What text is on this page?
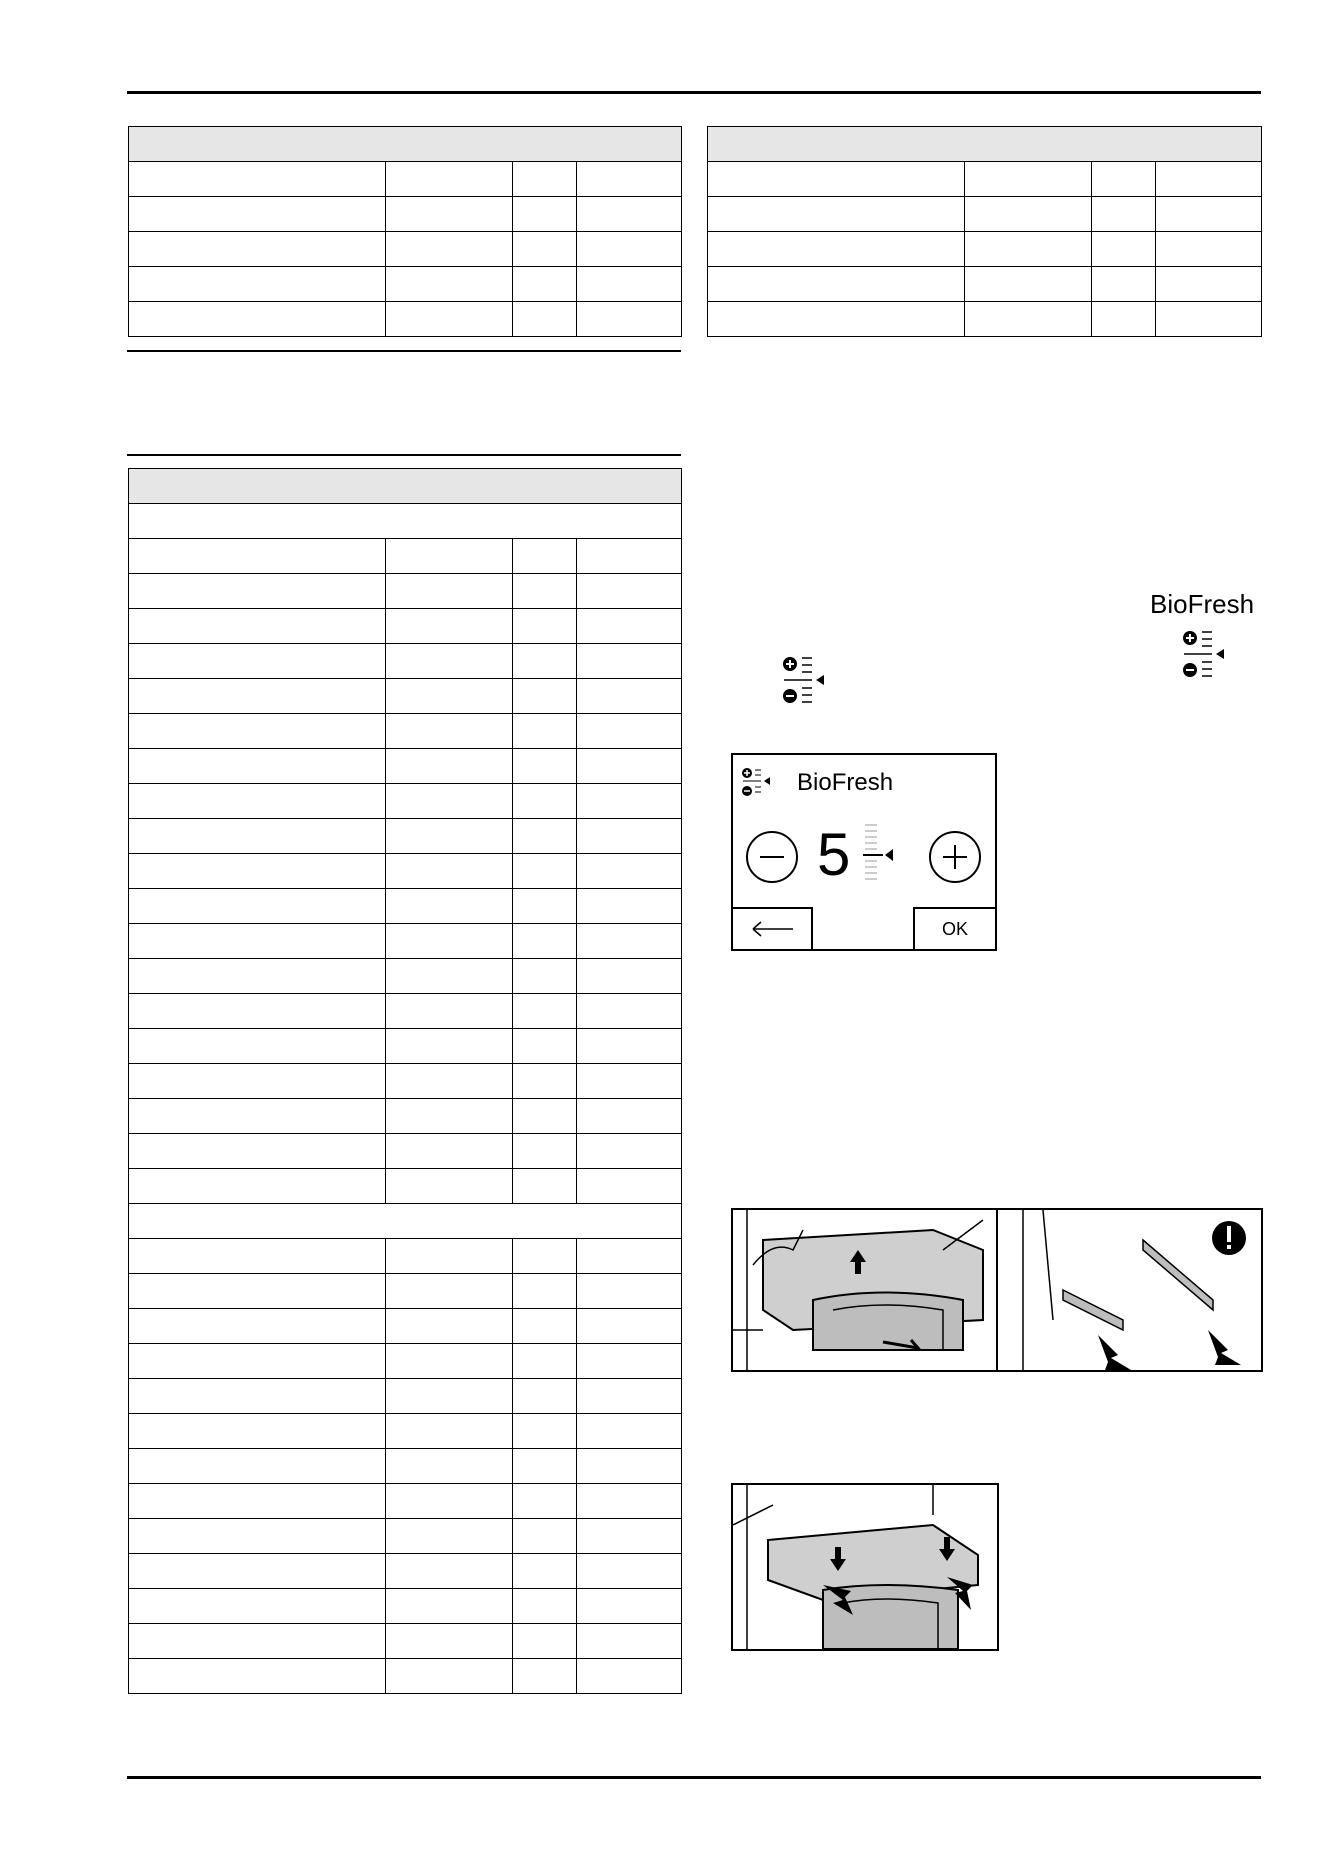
BioFresh
BioFresh
5
OK
